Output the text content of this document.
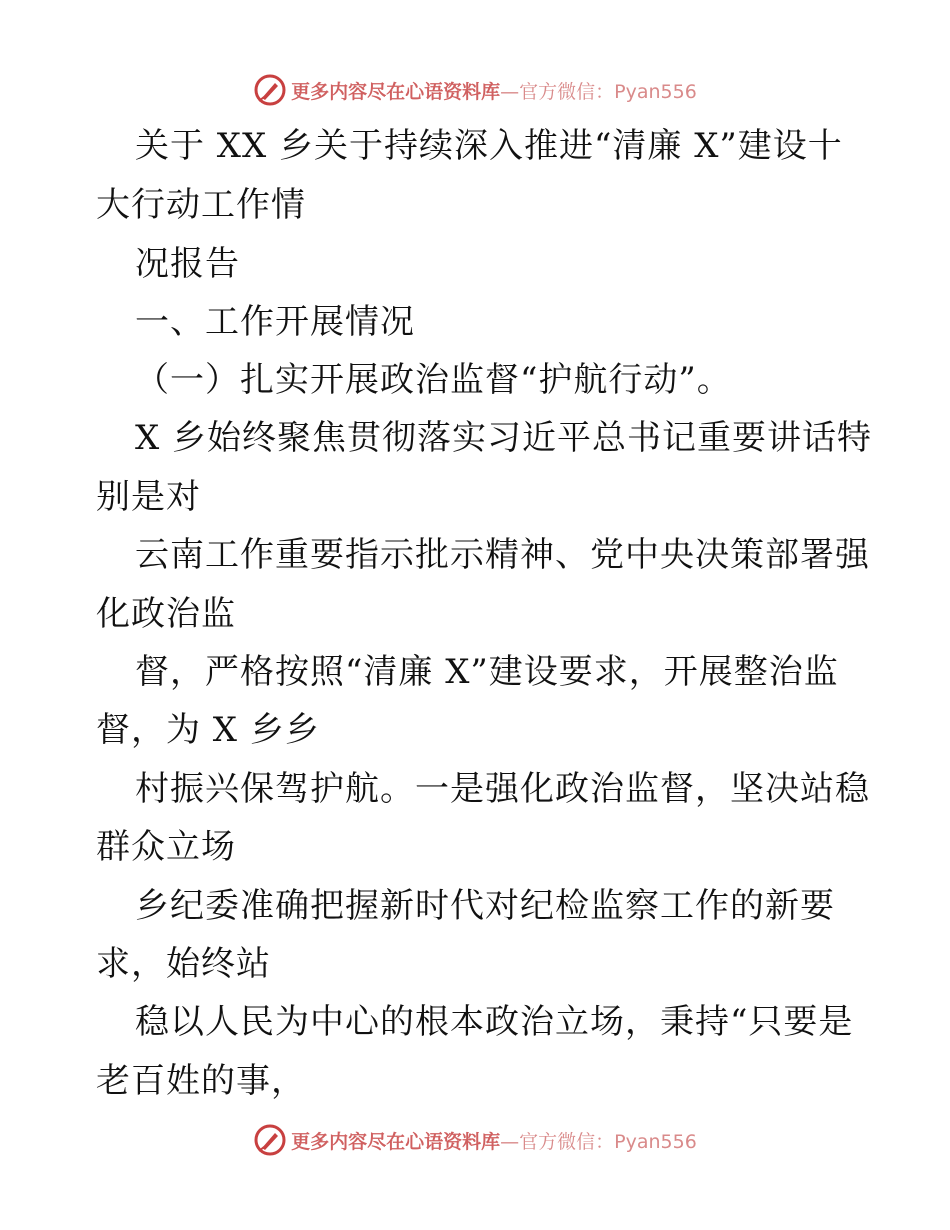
更多内容尽在心语资料库—官方微信：Pyan556
关于 XX 乡关于持续深入推进“清廉 X”建设十
大行动工作情
况报告
一、工作开展情况
（一）扎实开展政治监督“护航行动”。
X 乡始终聚焦贯彻落实习近平总书记重要讲话特
别是对
云南工作重要指示批示精神、党中央决策部署强
化政治监
督，严格按照“清廉 X”建设要求，开展整治监
督，为 X 乡乡
村振兴保驾护航。一是强化政治监督，坚决站稳
群众立场
乡纪委准确把握新时代对纪检监察工作的新要
求，始终站
稳以人民为中心的根本政治立场，秉持“只要是
老百姓的事，
更多内容尽在心语资料库—官方微信：Pyan556
